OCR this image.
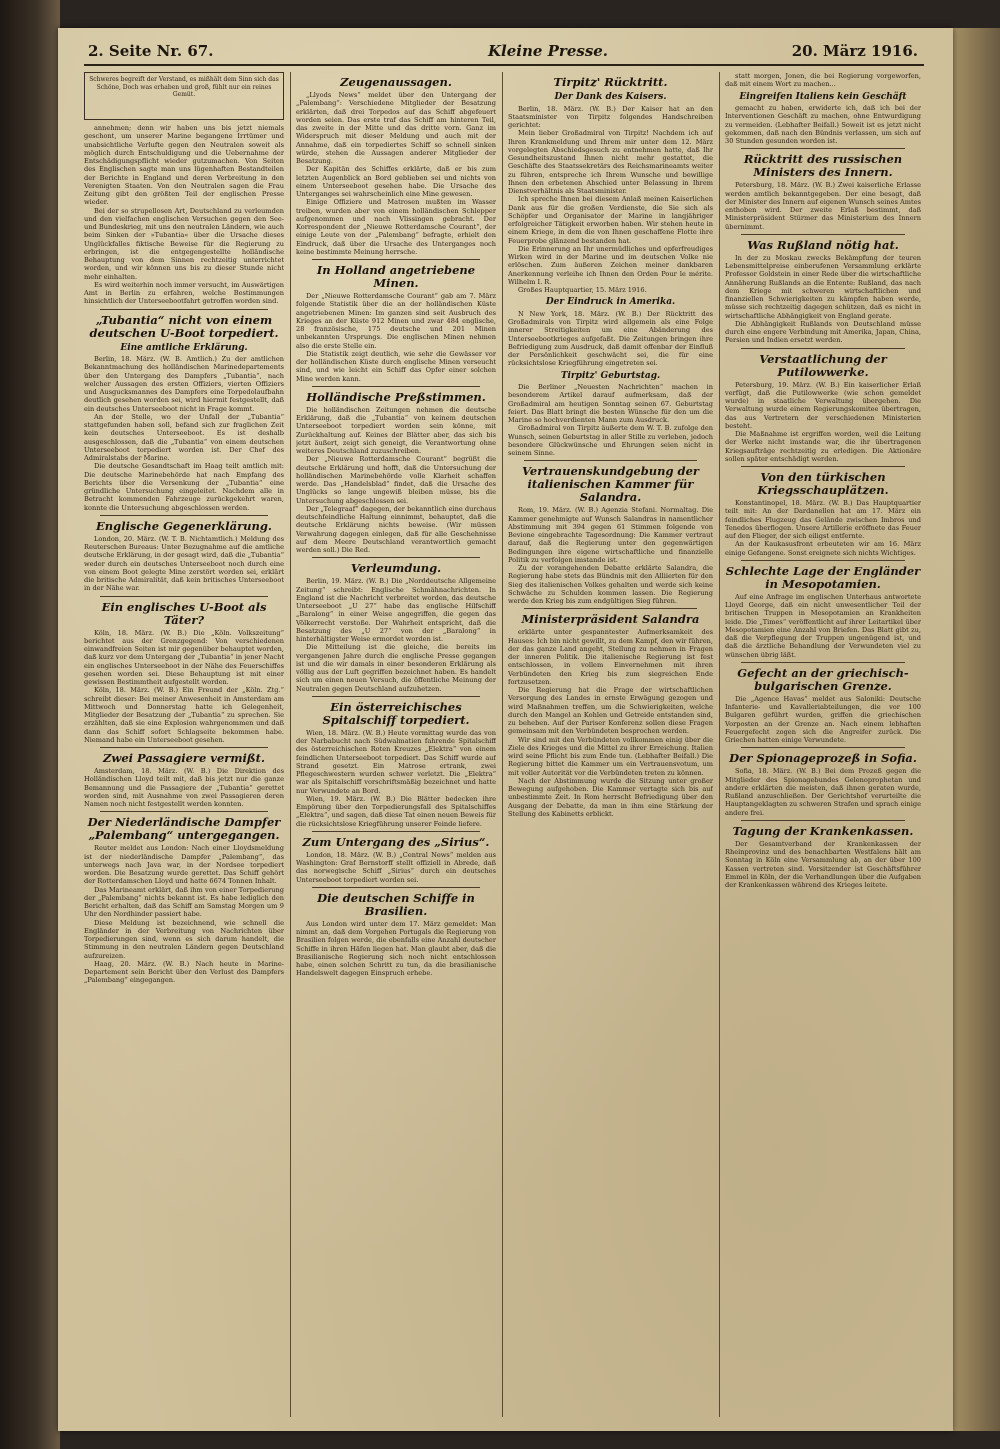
2. Seite Nr. 67.	Kleine Presse.	20. März 1916.
Schweres begreift der Verstand, es mißhält dem Sinn sich das Schöne, Doch was erhaben und groß, fühlt nur ein reines Gemüt.

annehmen; denn wir haben uns bis jetzt niemals geschont, um unserer Marine begangene Irrtümer und unabsichtliche Verlufte gegen den Neutralen soweit als möglich durch Entschuldigung und die Uebernahme der Entschädigungspflicht wieder gutzumachen. Von Seiten des Englischen sagte man uns lügenhaften Bestandteilen der Berichte in England und deren Verbreitung in den Verenigten Staaten. Von den Neutralen sagen die Frau Zeitung gibt den größten Teil der englischen Presse wieder.

Bei der so strupellosen Art, Deutschland zu verleumden und den vielfachen englischen Versuchen gegen den See- und Bundeskrieg, mit uns den neutralen Ländern, wie auch beim Sinken der »Tubantia« über die Ursache dieses Unglückfalles fiktische Beweise für die Regierung zu erbringen, ist die entgegengestellte holländische Behauptung von dem Sinnen rechtzeitig unterrichtet worden, und wir können uns bis zu dieser Stunde nicht mehr einhalten.

Es wird weiterhin noch immer versucht, im Auswärtigen Amt in Berlin zu erfahren, welche Bestimmungen hinsichtlich der Unterseebootfahrt getroffen worden sind.

„Tubantia“ nicht von einem deutschen U-Boot torpediert.
Eine amtliche Erklärung.

Berlin, 18. März. (W. B. Amtlich.) Zu der amtlichen Bekanntmachung des holländischen Marinedepartements über den Untergang des Dampfers „Tubantia“, nach welcher Aussagen des ersten Offiziers, vierten Offiziers und Ausgucksmannes des Dampfers eine Torpedolaufbahn deutlich gesehen worden sei, wird hiermit festgestellt, daß ein deutsches Unterseeboot nicht in Frage kommt.

An der Stelle, wo der Unfall der „Tubantia“ stattgefunden haben soll, befand sich zur fraglichen Zeit kein deutsches Unterseeboot. Es ist deshalb ausgeschlossen, daß die „Tubantia“ von einem deutschen Unterseeboot torpediert worden ist. Der Chef des Admiralstabs der Marine.

Die deutsche Gesandtschaft im Haag teilt amtlich mit: Die deutsche Marinebehörde hat nach Empfang des Berichts über die Versenkung der „Tubantia“ eine gründliche Untersuchung eingeleitet. Nachdem alle in Betracht kommenden Fahrzeuge zurückgekehrt waren, konnte die Untersuchung abgeschlossen werden.

Englische Gegenerklärung.

London, 20. März. (W. T. B. Nichtamtlich.) Meldung des Reuterschen Bureaus: Unter Bezugnahme auf die amtliche deutsche Erklärung, in der gesagt wird, daß die „Tubantia“ weder durch ein deutsches Unterseeboot noch durch eine von einem Boot gelegte Mine zerstört worden sei, erklärt die britische Admiralität, daß kein britisches Unterseeboot in der Nähe war.

Ein englisches U-Boot als Täter?

Köln, 18. März. (W. B.) Die „Köln. Volkszeitung“ berichtet aus der Grenzgegend: Von verschiedenen einwandfreien Seiten ist mir gegenüber behauptet worden, daß kurz vor dem Untergang der „Tubantia“ in jener Nacht ein englisches Unterseeboot in der Nähe des Feuerschiffes gesehen worden sei. Diese Behauptung ist mit einer gewissen Bestimmtheit aufgestellt worden.

Köln, 18. März. (W. B.) Ein Freund der „Köln. Ztg.“ schreibt dieser: Bei meiner Anwesenheit in Amsterdam am Mittwoch und Donnerstag hatte ich Gelegenheit, Mitglieder der Besatzung der „Tubantia“ zu sprechen. Sie erzählten, daß sie eine Explosion wahrgenommen und daß dann das Schiff sofort Schlagseite bekommen habe. Niemand habe ein Unterseeboot gesehen.

Zwei Passagiere vermißt.

Amsterdam, 18. März. (W. B.) Die Direktion des Holländischen Lloyd teilt mit, daß bis jetzt nur die ganze Bemannung und die Passagiere der „Tubantia“ gerettet worden sind, mit Ausnahme von zwei Passagieren deren Namen noch nicht festgestellt werden konnten.

Der Niederländische Dampfer „Palembang“ untergegangen.

Reuter meldet aus London: Nach einer Lloydsmeldung ist der niederländische Dampfer „Palembang“, das unterwegs nach Java war, in der Nordsee torpediert worden. Die Besatzung wurde gerettet. Das Schiff gehört der Rotterdamschen Lloyd und hatte 6674 Tonnen Inhalt.

Das Marineamt erklärt, daß ihm von einer Torpedierung der „Palembang“ nichts bekannt ist. Es habe lediglich den Bericht erhalten, daß das Schiff am Samstag Morgen um 9 Uhr den Nordhinder passiert habe.

Diese Meldung ist bezeichnend, wie schnell die Engländer in der Verbreitung von Nachrichten über Torpedierungen sind, wenn es sich darum handelt, die Stimmung in den neutralen Ländern gegen Deutschland aufzureizen.

Haag, 20. März. (W. B.) Nach heute in Marine-Departement sein Bericht über den Verlust des Dampfers „Palembang“ eingegangen.

Zeugenaussagen.

„Llyods News“ meldet über den Untergang der „Palembang“: Verschiedene Mitglieder der Besatzung erklärten, daß drei Torpedos auf das Schiff abgefeuert worden seien. Das erste traf das Schiff am hinteren Teil, das zweite in der Mitte und das dritte vorn. Ganz im Widerspruch mit dieser Meldung und auch mit der Annahme, daß ein torpediertes Schiff so schnell sinken würde, stehen die Aussagen anderer Mitglieder der Besatzung.

Der Kapitän des Schiffes erklärte, daß er bis zum letzten Augenblick an Bord geblieben sei und nichts von einem Unterseeboot gesehen habe. Die Ursache des Unterganges sei wahrscheinlich eine Mine gewesen.

Einige Offiziere und Matrosen mußten im Wasser treiben, wurden aber von einem holländischen Schlepper aufgenommen und nach Vlissingen gebracht. Der Korrespondent der „Nieuwe Rotterdamsche Courant“, der einige Leute von der „Palembang“ befragte, erhielt den Eindruck, daß über die Ursache des Unterganges noch keine bestimmte Meinung herrsche.

In Holland angetriebene Minen.

Der „Nieuwe Rotterdamsche Courant“ gab am 7. März folgende Statistik über die an der holländischen Küste angetriebenen Minen: Im ganzen sind seit Ausbruch des Krieges an der Küste 912 Minen und zwar 484 englische, 28 französische, 175 deutsche und 201 Minen unbekannten Ursprungs. Die englischen Minen nehmen also die erste Stelle ein.

Die Statistik zeigt deutlich, wie sehr die Gewässer vor der holländischen Küste durch englische Minen verseucht sind, und wie leicht ein Schiff das Opfer einer solchen Mine werden kann.

Holländische Preßstimmen.

Die holländischen Zeitungen nehmen die deutsche Erklärung, daß die „Tubantia“ von keinem deutschen Unterseeboot torpediert worden sein könne, mit Zurückhaltung auf. Keines der Blätter aber, das sich bis jetzt äußert, zeigt sich geneigt, die Verantwortung ohne weiteres Deutschland zuzuschreiben.

Der „Nieuwe Rotterdamsche Courant“ begrüßt die deutsche Erklärung und hofft, daß die Untersuchung der holländischen Marinebehörde volle Klarheit schaffen werde. Das „Handelsblad“ findet, daß die Ursache des Unglücks so lange ungewiß bleiben müsse, bis die Untersuchung abgeschlossen sei.

Der „Telegraaf“ dagegen, der bekanntlich eine durchaus deutschfeindliche Haltung einnimmt, behauptet, daß die deutsche Erklärung nichts beweise. (Wir müssen Verwahrung dagegen einlegen, daß für alle Geschehnisse auf dem Meere Deutschland verantwortlich gemacht werden soll.) Die Red.

Verleumdung.

Berlin, 19. März. (W. B.) Die „Norddeutsche Allgemeine Zeitung“ schreibt: Englische Schmähnachrichten. In England ist die Nachricht verbreitet worden, das deutsche Unterseeboot „U 27“ habe das englische Hilfschiff „Baralong“ in einer Weise angegriffen, die gegen das Völkerrecht verstoße. Der Wahrheit entspricht, daß die Besatzung des „U 27“ von der „Baralong“ in hinterhältigster Weise ermordet worden ist.

Die Mitteilung ist die gleiche, die bereits im vergangenen Jahre durch die englische Presse gegangen ist und die wir damals in einer besonderen Erklärung als völlig aus der Luft gegriffen bezeichnet haben. Es handelt sich um einen neuen Versuch, die öffentliche Meinung der Neutralen gegen Deutschland aufzuhetzen.

Ein österreichisches Spitalschiff torpediert.

Wien, 18. März. (W. B.) Heute vormittag wurde das von der Narbabucht nach Südwalmatien fahrende Spitalschiff des österreichischen Roten Kreuzes „Elektra“ von einem feindlichen Unterseeboot torpediert. Das Schiff wurde auf Strand gesetzt. Ein Matrose ertrank, zwei Pflegeschwestern wurden schwer verletzt. Die „Elektra“ war als Spitalschiff vorschriftsmäßig bezeichnet und hatte nur Verwundete an Bord.

Wien, 19. März. (W. B.) Die Blätter bedecken ihre Empörung über den Torpedierungsfall des Spitalschiffes „Elektra“, und sagen, daß diese Tat einen neuen Beweis für die rücksichtslose Kriegführung unserer Feinde liefere.

Zum Untergang des „Sirius“.

London, 18. März. (W. B.) „Central News“ melden aus Washington: Graf Bernstorff stellt offiziell in Abrede, daß das norwegische Schiff „Sirius“ durch ein deutsches Unterseeboot torpediert worden sei.

Die deutschen Schiffe in Brasilien.

Aus London wird unter dem 17. März gemeldet: Man nimmt an, daß dem Vorgehen Portugals die Regierung von Brasilien folgen werde, die ebenfalls eine Anzahl deutscher Schiffe in ihren Häfen liegen hat. Man glaubt aber, daß die Brasilianische Regierung sich noch nicht entschlossen habe, einen solchen Schritt zu tun, da die brasilianische Handelswelt dagegen Einspruch erhebe.

Tirpitz' Rücktritt.
Der Dank des Kaisers.

Berlin, 18. März. (W. B.) Der Kaiser hat an den Staatsminister von Tirpitz folgendes Handschreiben gerichtet:

Mein lieber Großadmiral von Tirpitz! Nachdem ich auf Ihren Krankmeldung und Ihrem mir unter dem 12. März vorgelegten Abschiedsgesuch zu entnehmen hatte, daß Ihr Gesundheitszustand Ihnen nicht mehr gestattet, die Geschäfte des Staatssekretärs des Reichsmarineamts weiter zu führen, entspreche ich Ihrem Wunsche und bewillige Ihnen den erbetenen Abschied unter Belassung in Ihrem Dienstverhältnis als Staatsminister.

Ich spreche Ihnen bei diesem Anlaß meinen Kaiserlichen Dank aus für die großen Verdienste, die Sie sich als Schöpfer und Organisator der Marine in langjähriger erfolgreicher Tätigkeit erworben haben. Wir stehen heute in einem Kriege, in dem die von Ihnen geschaffene Flotte ihre Feuerprobe glänzend bestanden hat.

Die Erinnerung an Ihr unermüdliches und opferfreudiges Wirken wird in der Marine und im deutschen Volke nie erlöschen. Zum äußeren Zeichen meiner dankbaren Anerkennung verleihe ich Ihnen den Orden Pour le mérite. Wilhelm I. R.

Großes Hauptquartier, 15. März 1916.

Der Eindruck in Amerika.

N New York, 18. März. (W. B.) Der Rücktritt des Großadmirals von Tirpitz wird allgemein als eine Folge innerer Streitigkeiten um eine Abänderung des Unterseebootkrieges aufgefaßt. Die Zeitungen bringen ihre Befriedigung zum Ausdruck, daß damit offenbar der Einfluß der Persönlichkeit geschwächt sei, die für eine rücksichtslose Kriegführung eingetreten sei.

Tirpitz' Geburtstag.

Die Berliner „Neuesten Nachrichten“ machen in besonderem Artikel darauf aufmerksam, daß der Großadmiral am heutigen Sonntag seinen 67. Geburtstag feiert. Das Blatt bringt die besten Wünsche für den um die Marine so hochverdienten Mann zum Ausdruck.

Großadmiral von Tirpitz äußerte dem W. T. B. zufolge den Wunsch, seinen Geburtstag in aller Stille zu verleben, jedoch besondere Glückwünsche und Ehrungen seien nicht in seinem Sinne.

Vertrauenskundgebung der italienischen Kammer für Salandra.

Rom, 19. März. (W. B.) Agenzia Stefani. Normaltag. Die Kammer genehmigte auf Wunsch Salandras in namentlicher Abstimmung mit 394 gegen 61 Stimmen folgende von Bevione eingebrachte Tagesordnung: Die Kammer vertraut darauf, daß die Regierung unter den gegenwärtigen Bedingungen ihre eigene wirtschaftliche und finanzielle Politik zu verfolgen imstande ist.

Zu der vorangehenden Debatte erklärte Salandra, die Regierung habe stets das Bündnis mit den Alliierten für den Sieg des italienischen Volkes gehalten und werde sich keine Schwäche zu Schulden kommen lassen. Die Regierung werde den Krieg bis zum endgültigen Sieg führen.

Ministerpräsident Salandra

erklärte unter gespanntester Aufmerksamkeit des Hauses: Ich bin nicht gewillt, zu dem Kampf, den wir führen, der das ganze Land angeht, Stellung zu nehmen in Fragen der inneren Politik. Die italienische Regierung ist fest entschlossen, in vollem Einvernehmen mit ihren Verbündeten den Krieg bis zum siegreichen Ende fortzusetzen.

Die Regierung hat die Frage der wirtschaftlichen Versorgung des Landes in ernste Erwägung gezogen und wird Maßnahmen treffen, um die Schwierigkeiten, welche durch den Mangel an Kohlen und Getreide entstanden sind, zu beheben. Auf der Pariser Konferenz sollen diese Fragen gemeinsam mit den Verbündeten besprochen werden.

Wir sind mit den Verbündeten vollkommen einig über die Ziele des Krieges und die Mittel zu ihrer Erreichung. Italien wird seine Pflicht bis zum Ende tun. (Lebhafter Beifall.) Die Regierung bittet die Kammer um ein Vertrauensvotum, um mit voller Autorität vor die Verbündeten treten zu können.

Nach der Abstimmung wurde die Sitzung unter großer Bewegung aufgehoben. Die Kammer vertagte sich bis auf unbestimmte Zeit. In Rom herrscht Befriedigung über den Ausgang der Debatte, da man in ihm eine Stärkung der Stellung des Kabinetts erblickt.

statt morgen, Jonen, die bei Regierung vorgeworfen, daß mit einem Wort zu machen...

Eingreifen Italiens kein Geschäft

gemacht zu haben, erwiderte ich, daß ich bei der Interventionen Geschäft zu machen, ohne Entwurdigung zu vermeiden. (Lebhafter Beifall.) Soweit ist es jetzt nicht gekommen, daß nach den Bündnis verlassen, um sich auf 30 Stunden gesunden worden ist.

Rücktritt des russischen Ministers des Innern.

Petersburg, 18. März. (W. B.) Zwei kaiserliche Erlasse werden amtlich bekanntgegeben. Der eine besagt, daß der Minister des Innern auf eigenen Wunsch seines Amtes enthoben wird. Der zweite Erlaß bestimmt, daß Ministerpräsident Stürmer das Ministerium des Innern übernimmt.

Was Rußland nötig hat.

In der zu Moskau zwecks Bekämpfung der teuren Lebensmittelpreise einberufenen Versammlung erklärte Professor Goldstein in einer Rede über die wirtschaftliche Annäherung Rußlands an die Entente: Rußland, das nach dem Kriege mit schweren wirtschaftlichen und finanziellen Schwierigkeiten zu kämpfen haben werde, müsse sich rechtzeitig dagegen schützen, daß es nicht in wirtschaftliche Abhängigkeit von England gerate.

Die Abhängigkeit Rußlands von Deutschland müsse durch eine engere Verbindung mit Amerika, Japan, China, Persien und Indien ersetzt werden.

Verstaatlichung der Putilowwerke.

Petersburg, 19. März. (W. B.) Ein kaiserlicher Erlaß verfügt, daß die Putilowwerke (wie schon gemeldet wurde) in staatliche Verwaltung übergehen. Die Verwaltung wurde einem Regierungskomitee übertragen, das aus Vertretern der verschiedenen Ministerien besteht.

Die Maßnahme ist ergriffen worden, weil die Leitung der Werke nicht imstande war, die ihr übertragenen Kriegsaufträge rechtzeitig zu erledigen. Die Aktionäre sollen später entschädigt werden.

Von den türkischen Kriegsschauplätzen.

Konstantinopel, 18. März. (W. B.) Das Hauptquartier teilt mit: An der Dardanellen hat am 17. März ein feindliches Flugzeug das Gelände zwischen Imbros und Tenedos überflogen. Unsere Artillerie eröffnete das Feuer auf den Flieger, der sich eiligst entfernte.

An der Kaukasusfront erbeuteten wir am 16. März einige Gefangene. Sonst ereignete sich nichts Wichtiges.

Schlechte Lage der Engländer in Mesopotamien.

Auf eine Anfrage im englischen Unterhaus antwortete Lloyd George, daß ein nicht unwesentlicher Teil der britischen Truppen in Mesopotamien an Krankheiten leide. Die „Times“ veröffentlicht auf ihrer Leitartikel über Mesopotamien eine Anzahl von Briefen. Das Blatt gibt zu, daß die Verpflegung der Truppen ungenügend ist, und daß die ärztliche Behandlung der Verwundeten viel zu wünschen übrig läßt.

Gefecht an der griechisch-bulgarischen Grenze.

Die „Agence Havas“ meldet aus Saloniki: Deutsche Infanterie- und Kavalleriabteilungen, die vor 100 Bulgaren geführt wurden, griffen die griechischen Vorposten an der Grenze an. Nach einem lebhaften Feuergefecht zogen sich die Angreifer zurück. Die Griechen hatten einige Verwundete.

Der Spionageprozeß in Sofia.

Sofia, 18. März. (W. B.) Bei dem Prozeß gegen die Mitglieder des Spionagebundes Gelenoprophetan und andere erklärten die meisten, daß ihnen geraten wurde, Rußland anzuschließen. Der Gerichtshof verurteilte die Hauptangeklagten zu schweren Strafen und sprach einige andere frei.

Tagung der Krankenkassen.

Der Gesamtverband der Krankenkassen der Rheinprovinz und des benachbarten Westfalens hält am Sonntag in Köln eine Versammlung ab, an der über 100 Kassen vertreten sind. Vorsitzender ist Geschäftsführer Emmel in Köln, der die Verhandlungen über die Aufgaben der Krankenkassen während des Krieges leitete.
